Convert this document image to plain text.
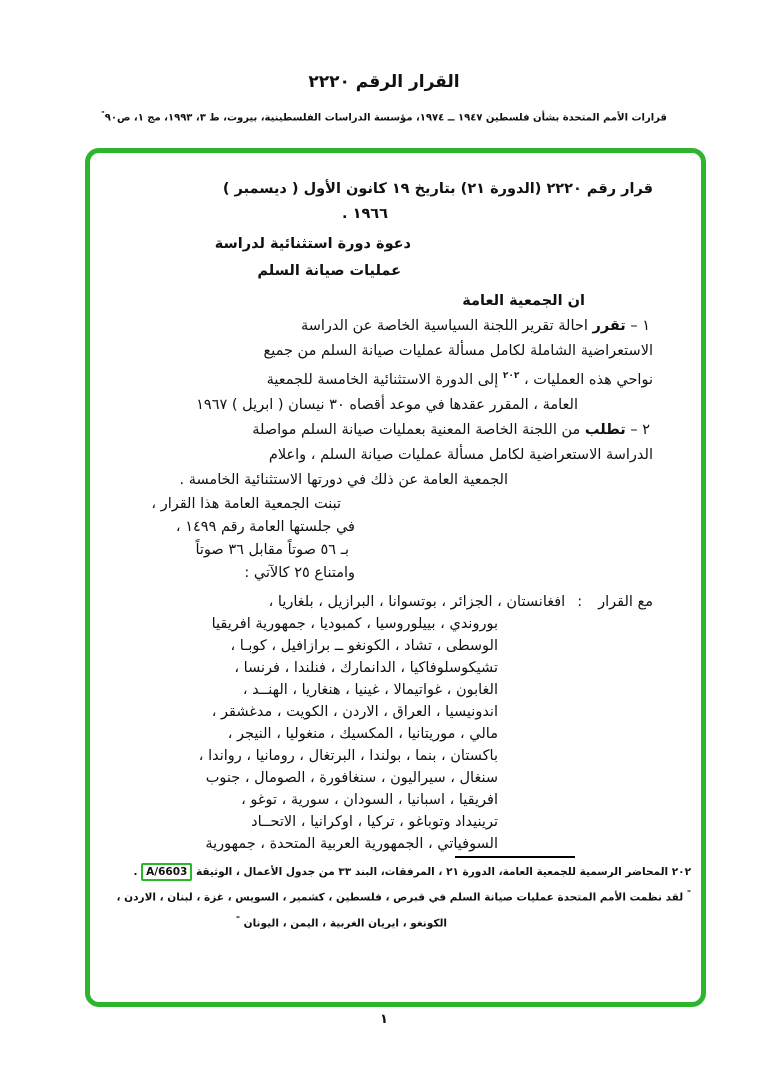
القرار الرقم ٢٢٢٠
قرارات الأمم المتحدة بشأن فلسطين ١٩٤٧ ــ ١٩٧٤، مؤسسة الدراسات الفلسطينية، بيروت، ط ٣، ١٩٩٣، مج ١، ص٩٠"
قرار رقم ٢٢٢٠ (الدورة ٢١) بتاريخ ١٩ كانون الأول ( ديسمبر )
١٩٦٦ .
دعوة دورة استثنائية لدراسة
عمليات صيانة السلم
ان الجمعية العامة
١ – تقرر احالة تقرير اللجنة السياسية الخاصة عن الدراسة
الاستعراضية الشاملة لكامل مسألة عمليات صيانة السلم من جميع
نواحي هذه العمليات ، $^{٢٠٢}$ إلى الدورة الاستثنائية الخامسة للجمعية
العامة ، المقرر عقدها في موعد أقصاه ٣٠ نيسان ( ابريل ) ١٩٦٧
٢ – تطلب من اللجنة الخاصة المعنية بعمليات صيانة السلم مواصلة
الدراسة الاستعراضية لكامل مسألة عمليات صيانة السلم ، واعلام
الجمعية العامة عن ذلك في دورتها الاستثنائية الخامسة .
تبنت الجمعية العامة هذا القرار ،
في جلستها العامة رقم ١٤٩٩ ،
بـ ٥٦ صوتاً مقابل ٣٦ صوتاً
وامتناع ٢٥ كالآتي :
مع القرار:افغانستان ، الجزائر ، بوتسوانا ، البرازيل ، بلغاريا ،
بوروندي ، بييلوروسيا ، كمبوديا ، جمهورية افريقيا
الوسطى ، تشاد ، الكونغو ــ برازافيل ، كوبـا ،
تشيكوسلوفاكيا ، الدانمارك ، فنلندا ، فرنسا ،
الغابون ، غواتيمالا ، غينيا ، هنغاريا ، الهنــد ،
اندونيسيا ، العراق ، الاردن ، الكويت ، مدغشقر ،
مالي ، موريتانيا ، المكسيك ، منغوليا ، النيجر ،
باكستان ، بنما ، بولندا ، البرتغال ، رومانيا ، رواندا ،
سنغال ، سيراليون ، سنغافورة ، الصومال ، جنوب
افريقيا ، اسبانيا ، السودان ، سورية ، توغو ،
ترينيداد وتوباغو ، تركيا ، اوكرانيا ، الاتحــاد
السوفياتي ، الجمهورية العربية المتحدة ، جمهورية
٢٠٢ المحاضر الرسمية للجمعية العامة، الدورة ٢١ ، المرفقات، البند ٣٣ من جدول الأعمال ، الوثيقة A/6603 .
" لقد نظمت الأمم المتحدة عمليات صيانة السلم في قبرص ، فلسطين ، كشمير ، السويس ، غزة ، لبنان ، الاردن ،
الكونغو ، ايريان الغربية ، اليمن ، اليونان "
١
